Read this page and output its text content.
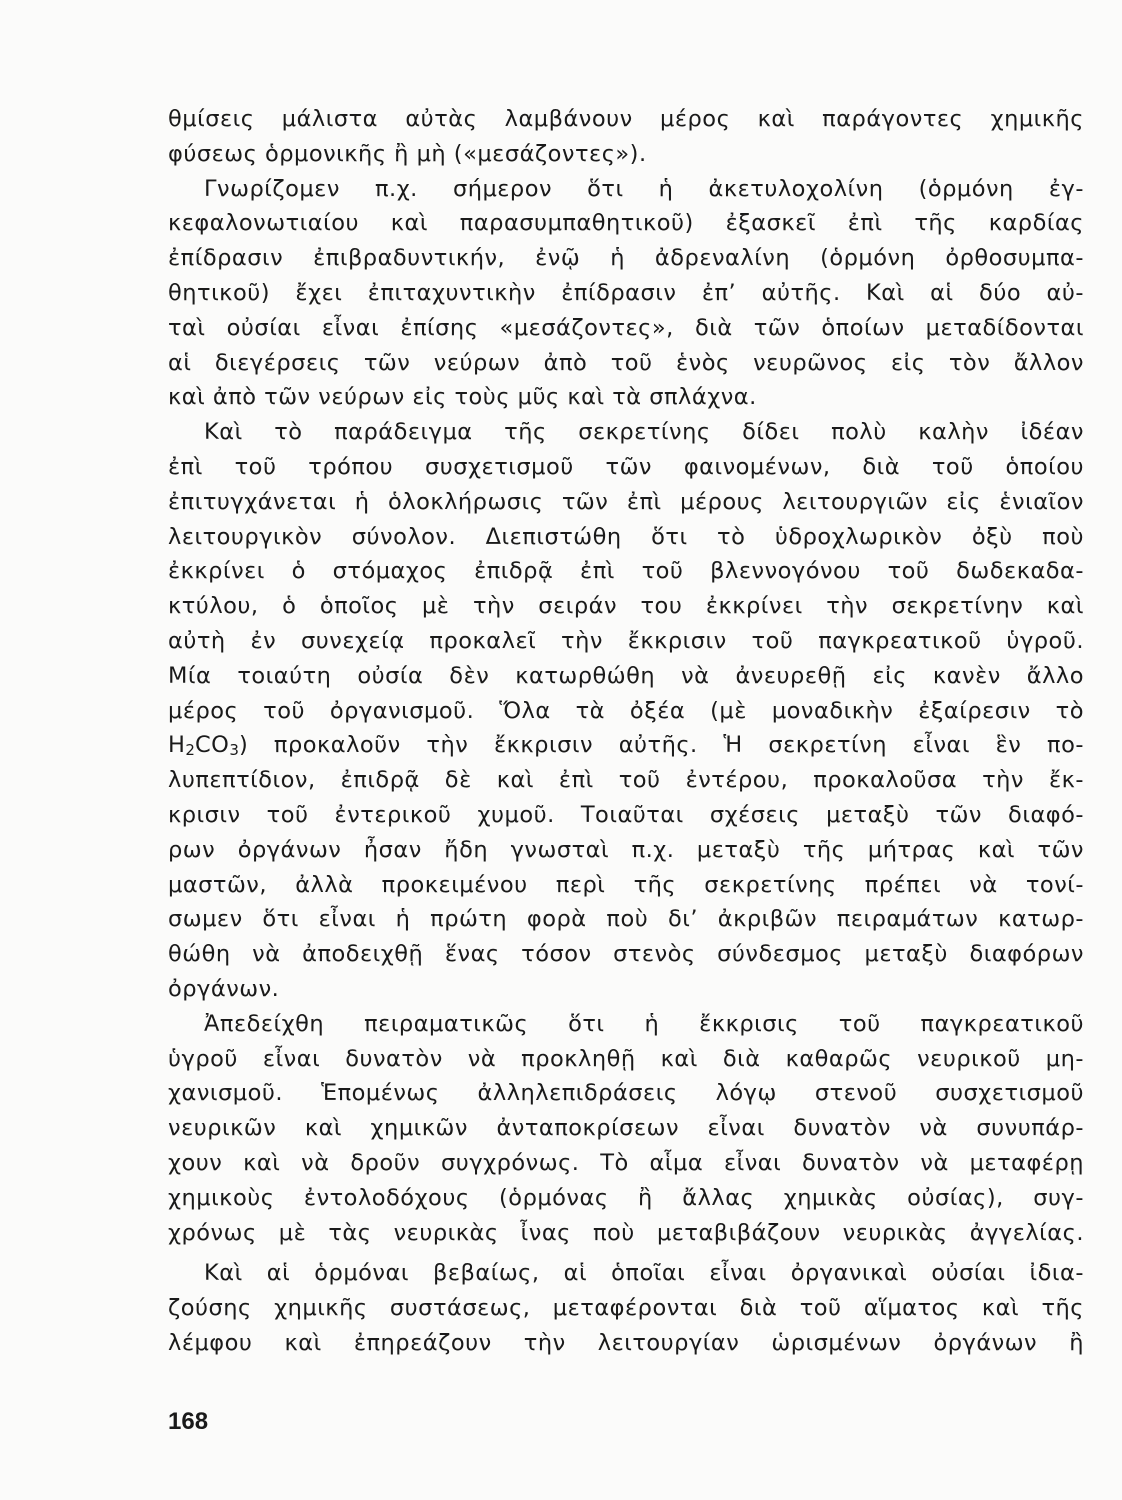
θμίσεις μάλιστα αὐτὰς λαμβάνουν μέρος καὶ παράγοντες χημικῆς
φύσεως ὁρμονικῆς ἢ μὴ («μεσάζοντες»).
Γνωρίζομεν π.χ. σήμερον ὅτι ἡ ἀκετυλοχολίνη (ὁρμόνη ἐγ-
κεφαλονωτιαίου καὶ παρασυμπαθητικοῦ) ἐξασκεῖ ἐπὶ τῆς καρδίας
ἐπίδρασιν ἐπιβραδυντικήν, ἐνῷ ἡ ἀδρεναλίνη (ὁρμόνη ὀρθοσυμπα-
θητικοῦ) ἔχει ἐπιταχυντικὴν ἐπίδρασιν ἐπ’ αὐτῆς. Καὶ αἱ δύο αὐ-
ταὶ οὐσίαι εἶναι ἐπίσης «μεσάζοντες», διὰ τῶν ὁποίων μεταδίδονται
αἱ διεγέρσεις τῶν νεύρων ἀπὸ τοῦ ἑνὸς νευρῶνος εἰς τὸν ἄλλον
καὶ ἀπὸ τῶν νεύρων εἰς τοὺς μῦς καὶ τὰ σπλάχνα.
Καὶ τὸ παράδειγμα τῆς σεκρετίνης δίδει πολὺ καλὴν ἰδέαν
ἐπὶ τοῦ τρόπου συσχετισμοῦ τῶν φαινομένων, διὰ τοῦ ὁποίου
ἐπιτυγχάνεται ἡ ὁλοκλήρωσις τῶν ἐπὶ μέρους λειτουργιῶν εἰς ἑνιαῖον
λειτουργικὸν σύνολον. Διεπιστώθη ὅτι τὸ ὑδροχλωρικὸν ὀξὺ ποὺ
ἐκκρίνει ὁ στόμαχος ἐπιδρᾷ ἐπὶ τοῦ βλεννογόνου τοῦ δωδεκαδα-
κτύλου, ὁ ὁποῖος μὲ τὴν σειράν του ἐκκρίνει τὴν σεκρετίνην καὶ
αὐτὴ ἐν συνεχείᾳ προκαλεῖ τὴν ἔκκρισιν τοῦ παγκρεατικοῦ ὑγροῦ.
Μία τοιαύτη οὐσία δὲν κατωρθώθη νὰ ἀνευρεθῇ εἰς κανὲν ἄλλο
μέρος τοῦ ὀργανισμοῦ. Ὅλα τὰ ὀξέα (μὲ μοναδικὴν ἐξαίρεσιν τὸ
$H_2CO_3$) προκαλοῦν τὴν ἔκκρισιν αὐτῆς. Ἡ σεκρετίνη εἶναι ἓν πο-
λυπεπτίδιον, ἐπιδρᾷ δὲ καὶ ἐπὶ τοῦ ἐντέρου, προκαλοῦσα τὴν ἔκ-
κρισιν τοῦ ἐντερικοῦ χυμοῦ. Τοιαῦται σχέσεις μεταξὺ τῶν διαφό-
ρων ὀργάνων ἦσαν ἤδη γνωσταὶ π.χ. μεταξὺ τῆς μήτρας καὶ τῶν
μαστῶν, ἀλλὰ προκειμένου περὶ τῆς σεκρετίνης πρέπει νὰ τονί-
σωμεν ὅτι εἶναι ἡ πρώτη φορὰ ποὺ δι’ ἀκριβῶν πειραμάτων κατωρ-
θώθη νὰ ἀποδειχθῇ ἕνας τόσον στενὸς σύνδεσμος μεταξὺ διαφόρων
ὀργάνων.
Ἀπεδείχθη πειραματικῶς ὅτι ἡ ἔκκρισις τοῦ παγκρεατικοῦ
ὑγροῦ εἶναι δυνατὸν νὰ προκληθῇ καὶ διὰ καθαρῶς νευρικοῦ μη-
χανισμοῦ. Ἑπομένως ἀλληλεπιδράσεις λόγῳ στενοῦ συσχετισμοῦ
νευρικῶν καὶ χημικῶν ἀνταποκρίσεων εἶναι δυνατὸν νὰ συνυπάρ-
χουν καὶ νὰ δροῦν συγχρόνως. Τὸ αἷμα εἶναι δυνατὸν νὰ μεταφέρῃ
χημικοὺς ἐντολοδόχους (ὁρμόνας ἢ ἄλλας χημικὰς οὐσίας), συγ-
χρόνως μὲ τὰς νευρικὰς ἶνας ποὺ μεταβιβάζουν νευρικὰς ἀγγελίας.
Καὶ αἱ ὁρμόναι βεβαίως, αἱ ὁποῖαι εἶναι ὀργανικαὶ οὐσίαι ἰδια-
ζούσης χημικῆς συστάσεως, μεταφέρονται διὰ τοῦ αἵματος καὶ τῆς
λέμφου καὶ ἐπηρεάζουν τὴν λειτουργίαν ὡρισμένων ὀργάνων ἢ
168
